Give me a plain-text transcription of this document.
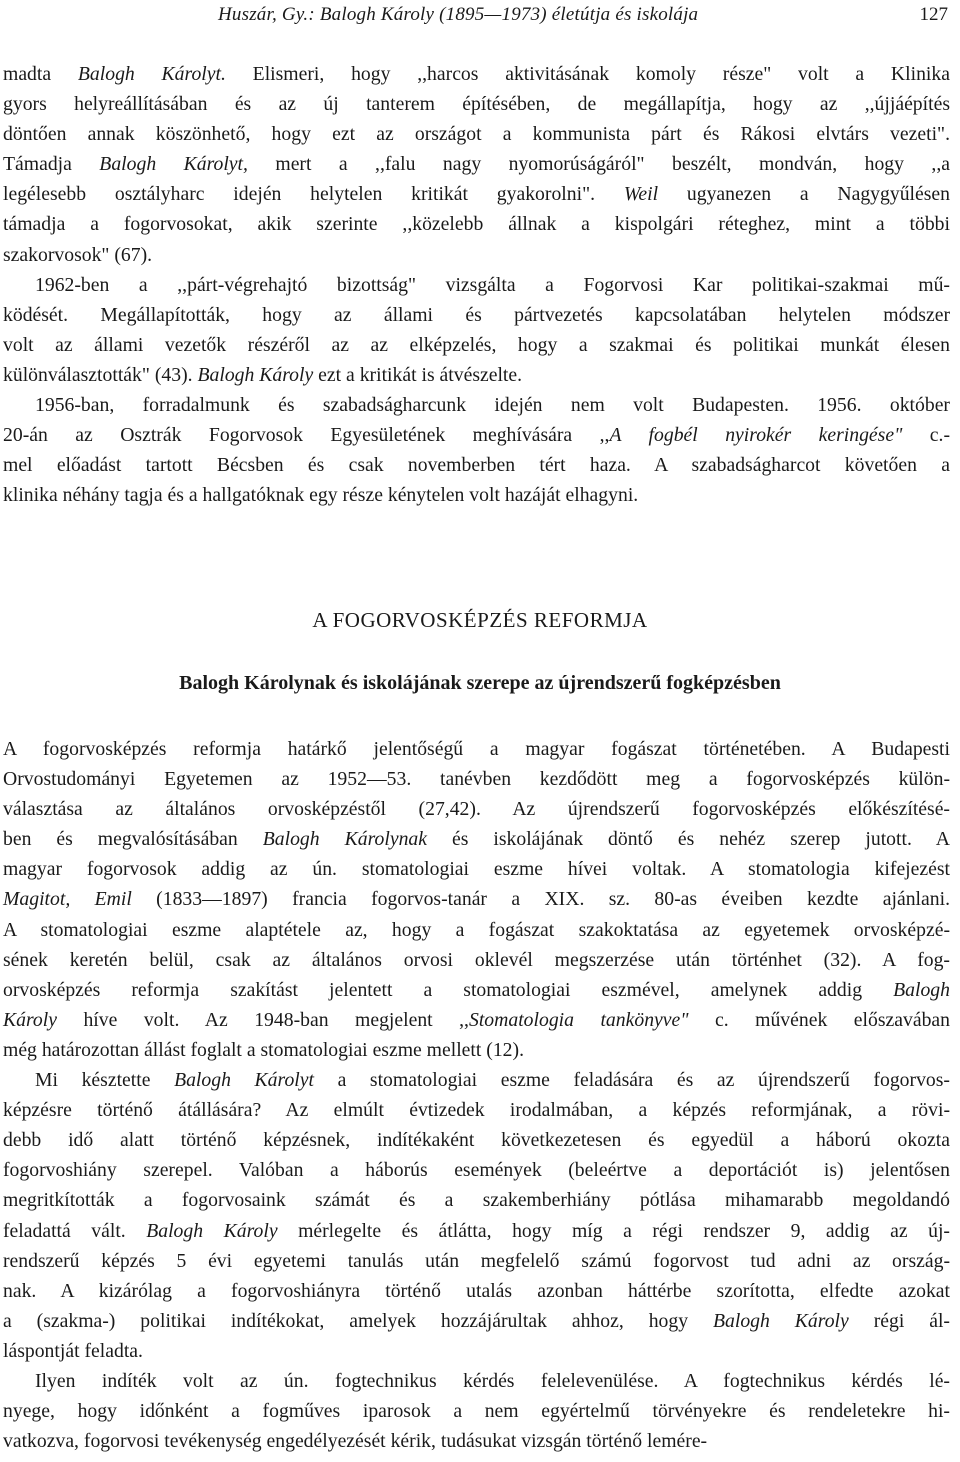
Huszár, Gy.: Balogh Károly (1895—1973) életútja és iskolája	127

madta Balogh Károlyt. Elismeri, hogy ,,harcos aktivitásának komoly része" volt a Klinika
gyors helyreállításában és az új tanterem építésében, de megállapítja, hogy az ,,újjáépítés
döntően annak köszönhető, hogy ezt az országot a kommunista párt és Rákosi elvtárs vezeti".
Támadja Balogh Károlyt, mert a ,,falu nagy nyomorúságáról" beszélt, mondván, hogy ,,a
legélesebb osztályharc idején helytelen kritikát gyakorolni". Weil ugyanezen a Nagygyűlésen
támadja a fogorvosokat, akik szerinte ,,közelebb állnak a kispolgári réteghez, mint a többi
szakorvosok" (67).

1962-ben a ,,párt-végrehajtó bizottság" vizsgálta a Fogorvosi Kar politikai-szakmai mű-
ködését. Megállapították, hogy az állami és pártvezetés kapcsolatában helytelen módszer
volt az állami vezetők részéről az az elképzelés, hogy a szakmai és politikai munkát élesen
különválasztották" (43). Balogh Károly ezt a kritikát is átvészelte.

1956-ban, forradalmunk és szabadságharcunk idején nem volt Budapesten. 1956. október
20-án az Osztrák Fogorvosok Egyesületének meghívására ,,A fogbél nyirokér keringése" c.-
mel előadást tartott Bécsben és csak novemberben tért haza. A szabadságharcot követően a
klinika néhány tagja és a hallgatóknak egy része kénytelen volt hazáját elhagyni.

A FOGORVOSKÉPZÉS REFORMJA
Balogh Károlynak és iskolájának szerepe az újrendszerű fogképzésben

A fogorvosképzés reformja határkő jelentőségű a magyar fogászat történetében. A Budapesti
Orvostudományi Egyetemen az 1952—53. tanévben kezdődött meg a fogorvosképzés külön-
választása az általános orvosképzéstől (27,42). Az újrendszerű fogorvosképzés előkészítésé-
ben és megvalósításában Balogh Károlynak és iskolájának döntő és nehéz szerep jutott. A
magyar fogorvosok addig az ún. stomatologiai eszme hívei voltak. A stomatologia kifejezést
Magitot, Emil (1833—1897) francia fogorvos-tanár a XIX. sz. 80-as éveiben kezdte ajánlani.
A stomatologiai eszme alaptétele az, hogy a fogászat szakoktatása az egyetemek orvosképzé-
sének keretén belül, csak az általános orvosi oklevél megszerzése után történhet (32). A fog-
orvosképzés reformja szakítást jelentett a stomatologiai eszmével, amelynek addig Balogh
Károly híve volt. Az 1948-ban megjelent ,,Stomatologia tankönyve" c. művének előszavában
még határozottan állást foglalt a stomatologiai eszme mellett (12).

Mi késztette Balogh Károlyt a stomatologiai eszme feladására és az újrendszerű fogorvos-
képzésre történő átállására? Az elmúlt évtizedek irodalmában, a képzés reformjának, a rövi-
debb idő alatt történő képzésnek, indítékaként következetesen és egyedül a háború okozta
fogorvoshiány szerepel. Valóban a háborús események (beleértve a deportációt is) jelentősen
megritkították a fogorvosaink számát és a szakemberhiány pótlása mihamarabb megoldandó
feladattá vált. Balogh Károly mérlegelte és átlátta, hogy míg a régi rendszer 9, addig az új-
rendszerű képzés 5 évi egyetemi tanulás után megfelelő számú fogorvost tud adni az ország-
nak. A kizárólag a fogorvoshiányra történő utalás azonban háttérbe szorította, elfedte azokat
a (szakma-) politikai indítékokat, amelyek hozzájárultak ahhoz, hogy Balogh Károly régi ál-
láspontját feladta.

Ilyen indíték volt az ún. fogtechnikus kérdés felelevenülése. A fogtechnikus kérdés lé-
nyege, hogy időnként a fogműves iparosok a nem egyértelmű törvényekre és rendeletekre hi-
vatkozva, fogorvosi tevékenység engedélyezését kérik, tudásukat vizsgán történő lemére-
